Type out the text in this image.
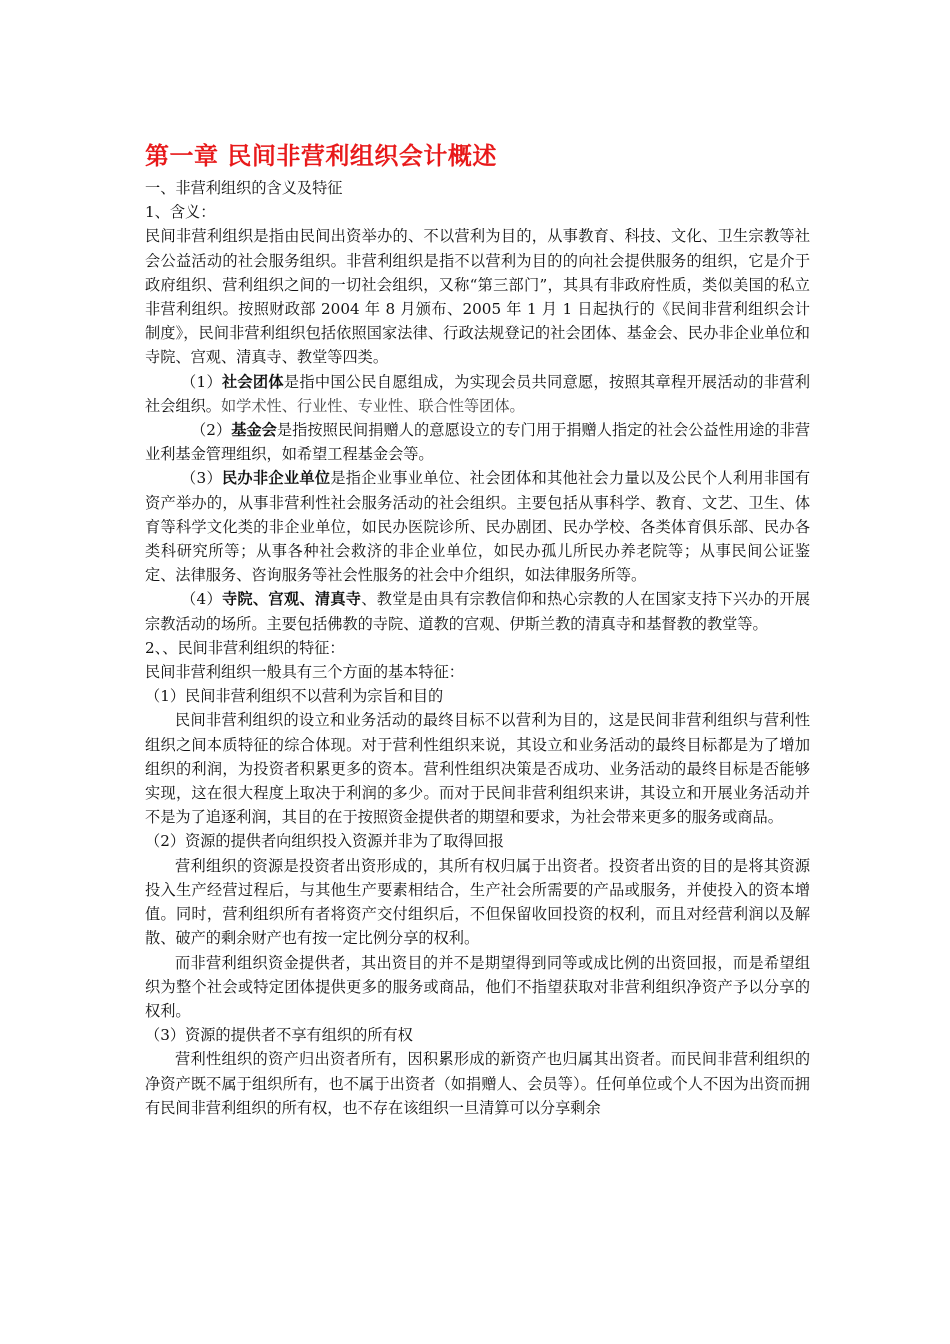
第一章 民间非营利组织会计概述

一、非营利组织的含义及特征

1、含义：

民间非营利组织是指由民间出资举办的、不以营利为目的，从事教育、科技、文化、卫生宗教等社会公益活动的社会服务组织。非营利组织是指不以营利为目的的向社会提供服务的组织，它是介于政府组织、营利组织之间的一切社会组织，又称“第三部门”，其具有非政府性质，类似美国的私立非营利组织。按照财政部 2004 年 8 月颁布、2005 年 1 月 1 日起执行的《民间非营利组织会计制度》，民间非营利组织包括依照国家法律、行政法规登记的社会团体、基金会、民办非企业单位和寺院、宫观、清真寺、教堂等四类。

（1）社会团体是指中国公民自愿组成，为实现会员共同意愿，按照其章程开展活动的非营利社会组织。如学术性、行业性、专业性、联合性等团体。

（2）基金会是指按照民间捐赠人的意愿设立的专门用于捐赠人指定的社会公益性用途的非营业利基金管理组织，如希望工程基金会等。

（3）民办非企业单位是指企业事业单位、社会团体和其他社会力量以及公民个人利用非国有资产举办的，从事非营利性社会服务活动的社会组织。主要包括从事科学、教育、文艺、卫生、体育等科学文化类的非企业单位，如民办医院诊所、民办剧团、民办学校、各类体育俱乐部、民办各类科研究所等；从事各种社会救济的非企业单位，如民办孤儿所民办养老院等；从事民间公证鉴定、法律服务、咨询服务等社会性服务的社会中介组织，如法律服务所等。

（4）寺院、宫观、清真寺、教堂是由具有宗教信仰和热心宗教的人在国家支持下兴办的开展宗教活动的场所。主要包括佛教的寺院、道教的宫观、伊斯兰教的清真寺和基督教的教堂等。

2、、民间非营利组织的特征：

民间非营利组织一般具有三个方面的基本特征：

（1）民间非营利组织不以营利为宗旨和目的

民间非营利组织的设立和业务活动的最终目标不以营利为目的，这是民间非营利组织与营利性组织之间本质特征的综合体现。对于营利性组织来说，其设立和业务活动的最终目标都是为了增加组织的利润，为投资者积累更多的资本。营利性组织决策是否成功、业务活动的最终目标是否能够实现，这在很大程度上取决于利润的多少。而对于民间非营利组织来讲，其设立和开展业务活动并不是为了追逐利润，其目的在于按照资金提供者的期望和要求，为社会带来更多的服务或商品。

（2）资源的提供者向组织投入资源并非为了取得回报

营利组织的资源是投资者出资形成的，其所有权归属于出资者。投资者出资的目的是将其资源投入生产经营过程后，与其他生产要素相结合，生产社会所需要的产品或服务，并使投入的资本增值。同时，营利组织所有者将资产交付组织后，不但保留收回投资的权利，而且对经营利润以及解散、破产的剩余财产也有按一定比例分享的权利。

而非营利组织资金提供者，其出资目的并不是期望得到同等或成比例的出资回报，而是希望组织为整个社会或特定团体提供更多的服务或商品，他们不指望获取对非营利组织净资产予以分享的权利。

（3）资源的提供者不享有组织的所有权

营利性组织的资产归出资者所有，因积累形成的新资产也归属其出资者。而民间非营利组织的净资产既不属于组织所有，也不属于出资者（如捐赠人、会员等）。任何单位或个人不因为出资而拥有民间非营利组织的所有权，也不存在该组织一旦清算可以分享剩余
